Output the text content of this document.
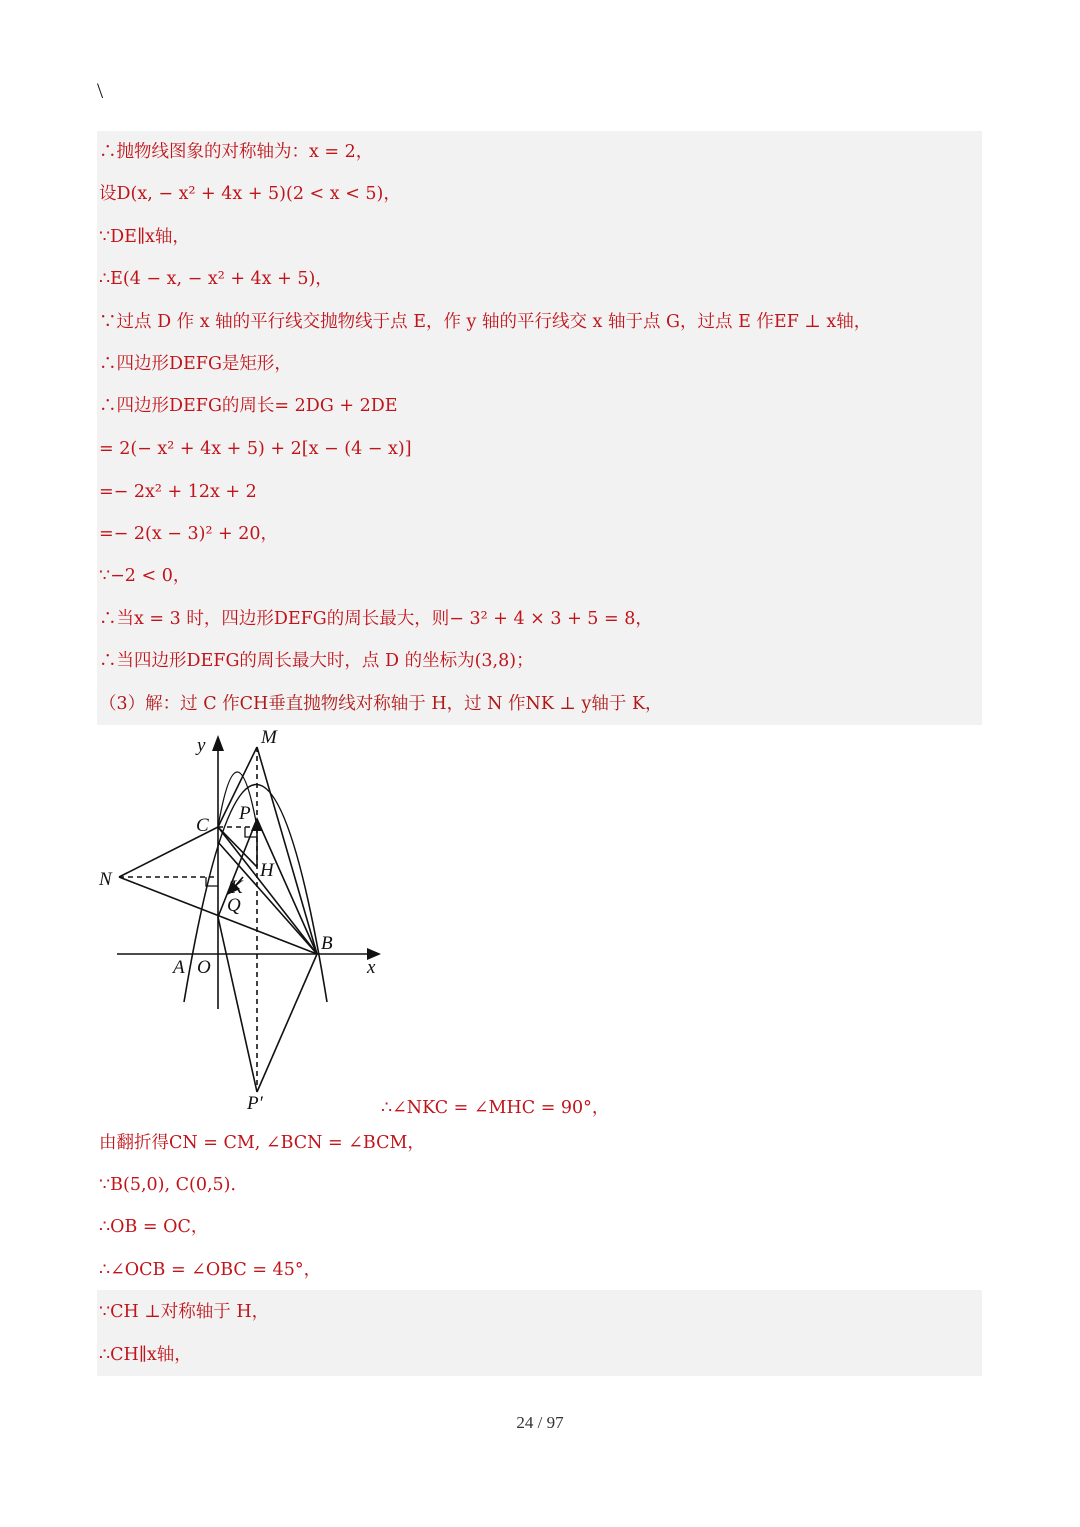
\
∴抛物线图象的对称轴为：x = 2，
设D(x, − x² + 4x + 5)(2 < x < 5)，
∵DE∥x轴，
∴E(4 − x, − x² + 4x + 5)，
∵过点 D 作 x 轴的平行线交抛物线于点 E，作 y 轴的平行线交 x 轴于点 G，过点 E 作EF ⊥ x轴，
∴四边形DEFG是矩形，
∴四边形DEFG的周长= 2DG + 2DE
= 2(− x² + 4x + 5) + 2[x − (4 − x)]
=− 2x² + 12x + 2
=− 2(x − 3)² + 20，
∵−2 < 0，
∴当x = 3 时，四边形DEFG的周长最大，则− 3² + 4 × 3 + 5 = 8，
∴当四边形DEFG的周长最大时，点 D 的坐标为(3,8)；
（3）解：过 C 作CH垂直抛物线对称轴于 H，过 N 作NK ⊥ y轴于 K，
y	M
P
C
N	H
K
Q
B
A O	x
P′	∴∠NKC = ∠MHC = 90°，
由翻折得CN = CM, ∠BCN = ∠BCM，
∵B(5,0), C(0,5)．
∴OB = OC，
∴∠OCB = ∠OBC = 45°，
∵CH ⊥对称轴于 H，
∴CH∥x轴，
24 / 97
